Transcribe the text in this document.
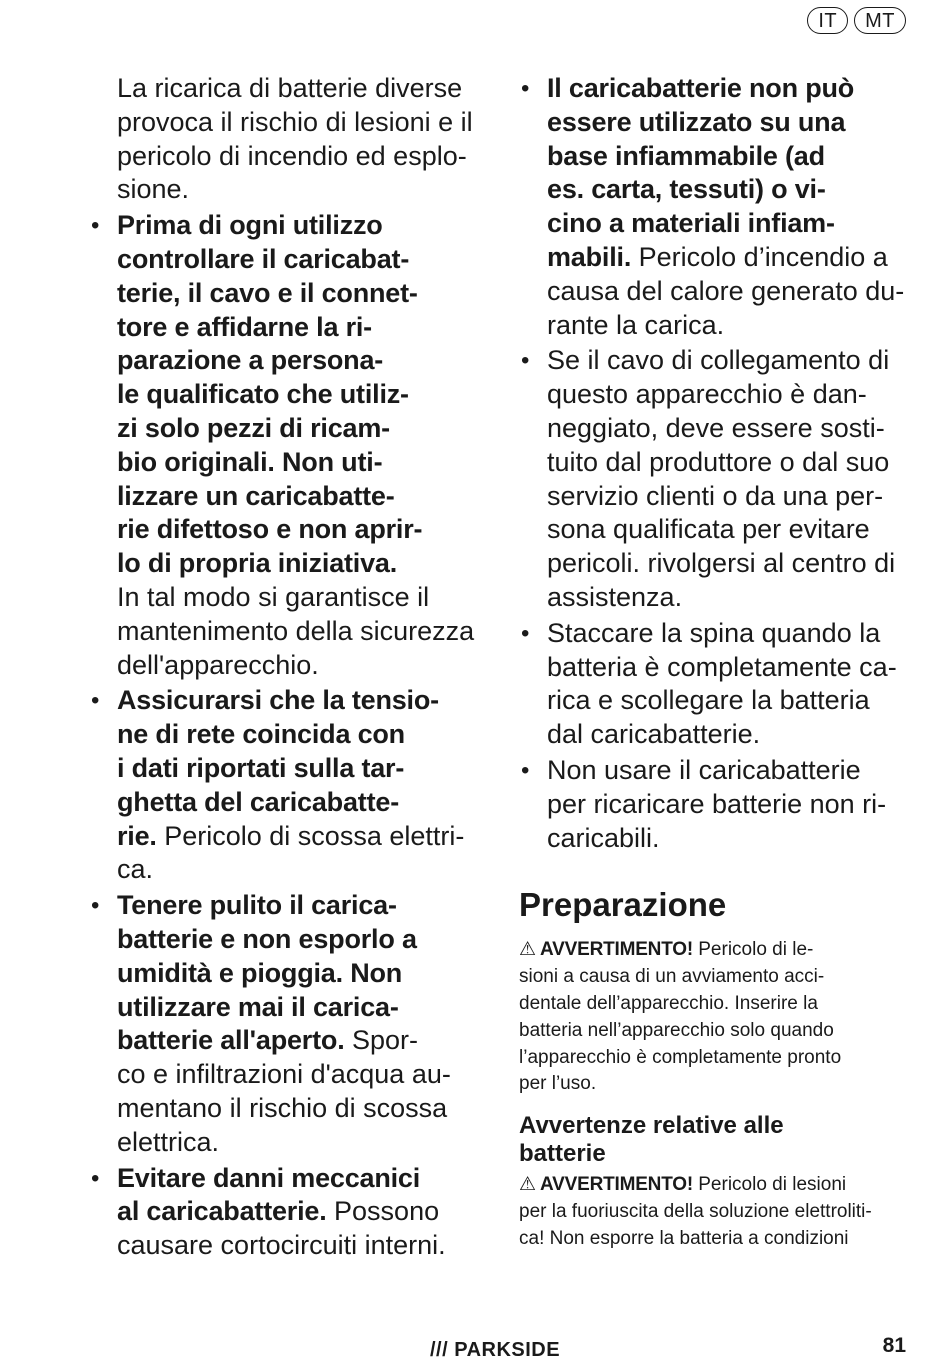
IT	MT
La ricarica di batterie diverse
provoca il rischio di lesioni e il
pericolo di incendio ed esplo-
sione.
• Prima di ogni utilizzo
controllare il caricabat-
terie, il cavo e il connet-
tore e affidarne la ri-
parazione a persona-
le qualificato che utiliz-
zi solo pezzi di ricam-
bio originali. Non uti-
lizzare un caricabatte-
rie difettoso e non aprir-
lo di propria iniziativa.
In tal modo si garantisce il
mantenimento della sicurezza
dell'apparecchio.
• Assicurarsi che la tensio-
ne di rete coincida con
i dati riportati sulla tar-
ghetta del caricabatte-
rie. Pericolo di scossa elettri-
ca.
• Tenere pulito il carica-
batterie e non esporlo a
umidità e pioggia. Non
utilizzare mai il carica-
batterie all'aperto. Spor-
co e infiltrazioni d'acqua au-
mentano il rischio di scossa
elettrica.
• Evitare danni meccanici
al caricabatterie. Possono
causare cortocircuiti interni.
• Il caricabatterie non può
essere utilizzato su una
base infiammabile (ad
es. carta, tessuti) o vi-
cino a materiali infiam-
mabili. Pericolo d’incendio a
causa del calore generato du-
rante la carica.
• Se il cavo di collegamento di
questo apparecchio è dan-
neggiato, deve essere sosti-
tuito dal produttore o dal suo
servizio clienti o da una per-
sona qualificata per evitare
pericoli. rivolgersi al centro di
assistenza.
• Staccare la spina quando la
batteria è completamente ca-
rica e scollegare la batteria
dal caricabatterie.
• Non usare il caricabatterie
per ricaricare batterie non ri-
caricabili.
Preparazione
⚠ AVVERTIMENTO! Pericolo di le-
sioni a causa di un avviamento acci-
dentale dell’apparecchio. Inserire la
batteria nell’apparecchio solo quando
l’apparecchio è completamente pronto
per l’uso.
Avvertenze relative alle
batterie
⚠ AVVERTIMENTO! Pericolo di lesioni
per la fuoriuscita della soluzione elettroliti-
ca! Non esporre la batteria a condizioni
/// PARKSIDE	81
